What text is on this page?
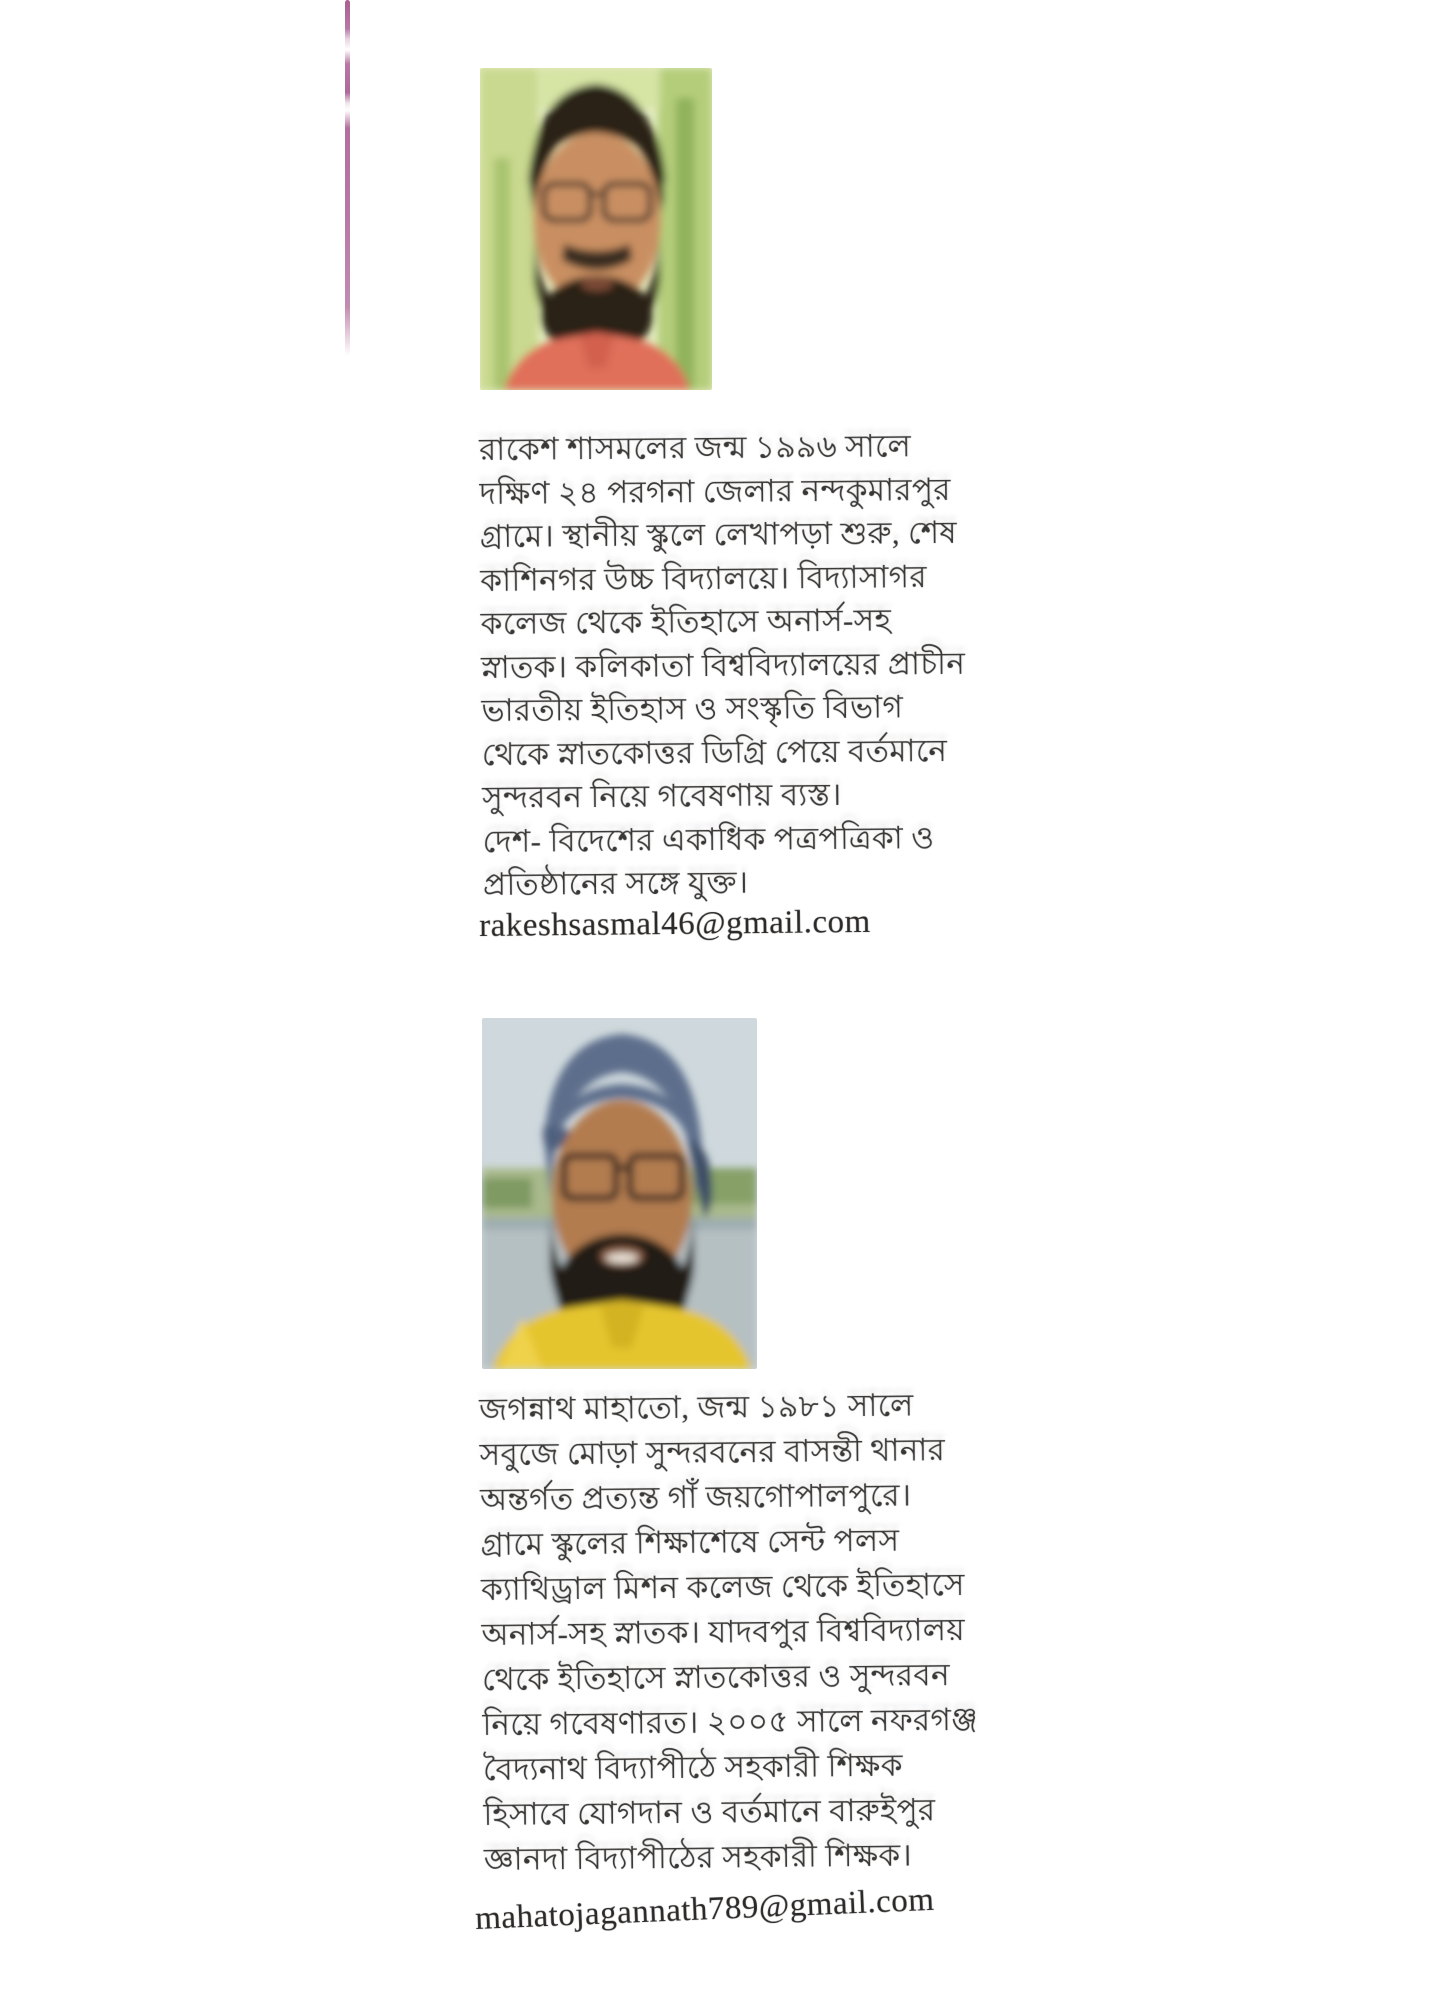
রাকেশ শাসমলের জন্ম ১৯৯৬ সালে
দক্ষিণ ২৪ পরগনা জেলার নন্দকুমারপুর
গ্রামে। স্থানীয় স্কুলে লেখাপড়া শুরু, শেষ
কাশিনগর উচ্চ বিদ্যালয়ে। বিদ্যাসাগর
কলেজ থেকে ইতিহাসে অনার্স-সহ
স্নাতক। কলিকাতা বিশ্ববিদ্যালয়ের প্রাচীন
ভারতীয় ইতিহাস ও সংস্কৃতি বিভাগ
থেকে স্নাতকোত্তর ডিগ্রি পেয়ে বর্তমানে
সুন্দরবন নিয়ে গবেষণায় ব্যস্ত।
দেশ- বিদেশের একাধিক পত্রপত্রিকা ও
প্রতিষ্ঠানের সঙ্গে যুক্ত।
rakeshsasmal46@gmail.com
জগন্নাথ মাহাতো, জন্ম ১৯৮১ সালে
সবুজে মোড়া সুন্দরবনের বাসন্তী থানার
অন্তর্গত প্রত্যন্ত গাঁ জয়গোপালপুরে।
গ্রামে স্কুলের শিক্ষাশেষে সেন্ট পলস
ক্যাথিড্রাল মিশন কলেজ থেকে ইতিহাসে
অনার্স-সহ স্নাতক। যাদবপুর বিশ্ববিদ্যালয়
থেকে ইতিহাসে স্নাতকোত্তর ও সুন্দরবন
নিয়ে গবেষণারত। ২০০৫ সালে নফরগঞ্জ
বৈদ্যনাথ বিদ্যাপীঠে সহকারী শিক্ষক
হিসাবে যোগদান ও বর্তমানে বারুইপুর
জ্ঞানদা বিদ্যাপীঠের সহকারী শিক্ষক।
mahatojagannath789@gmail.com
